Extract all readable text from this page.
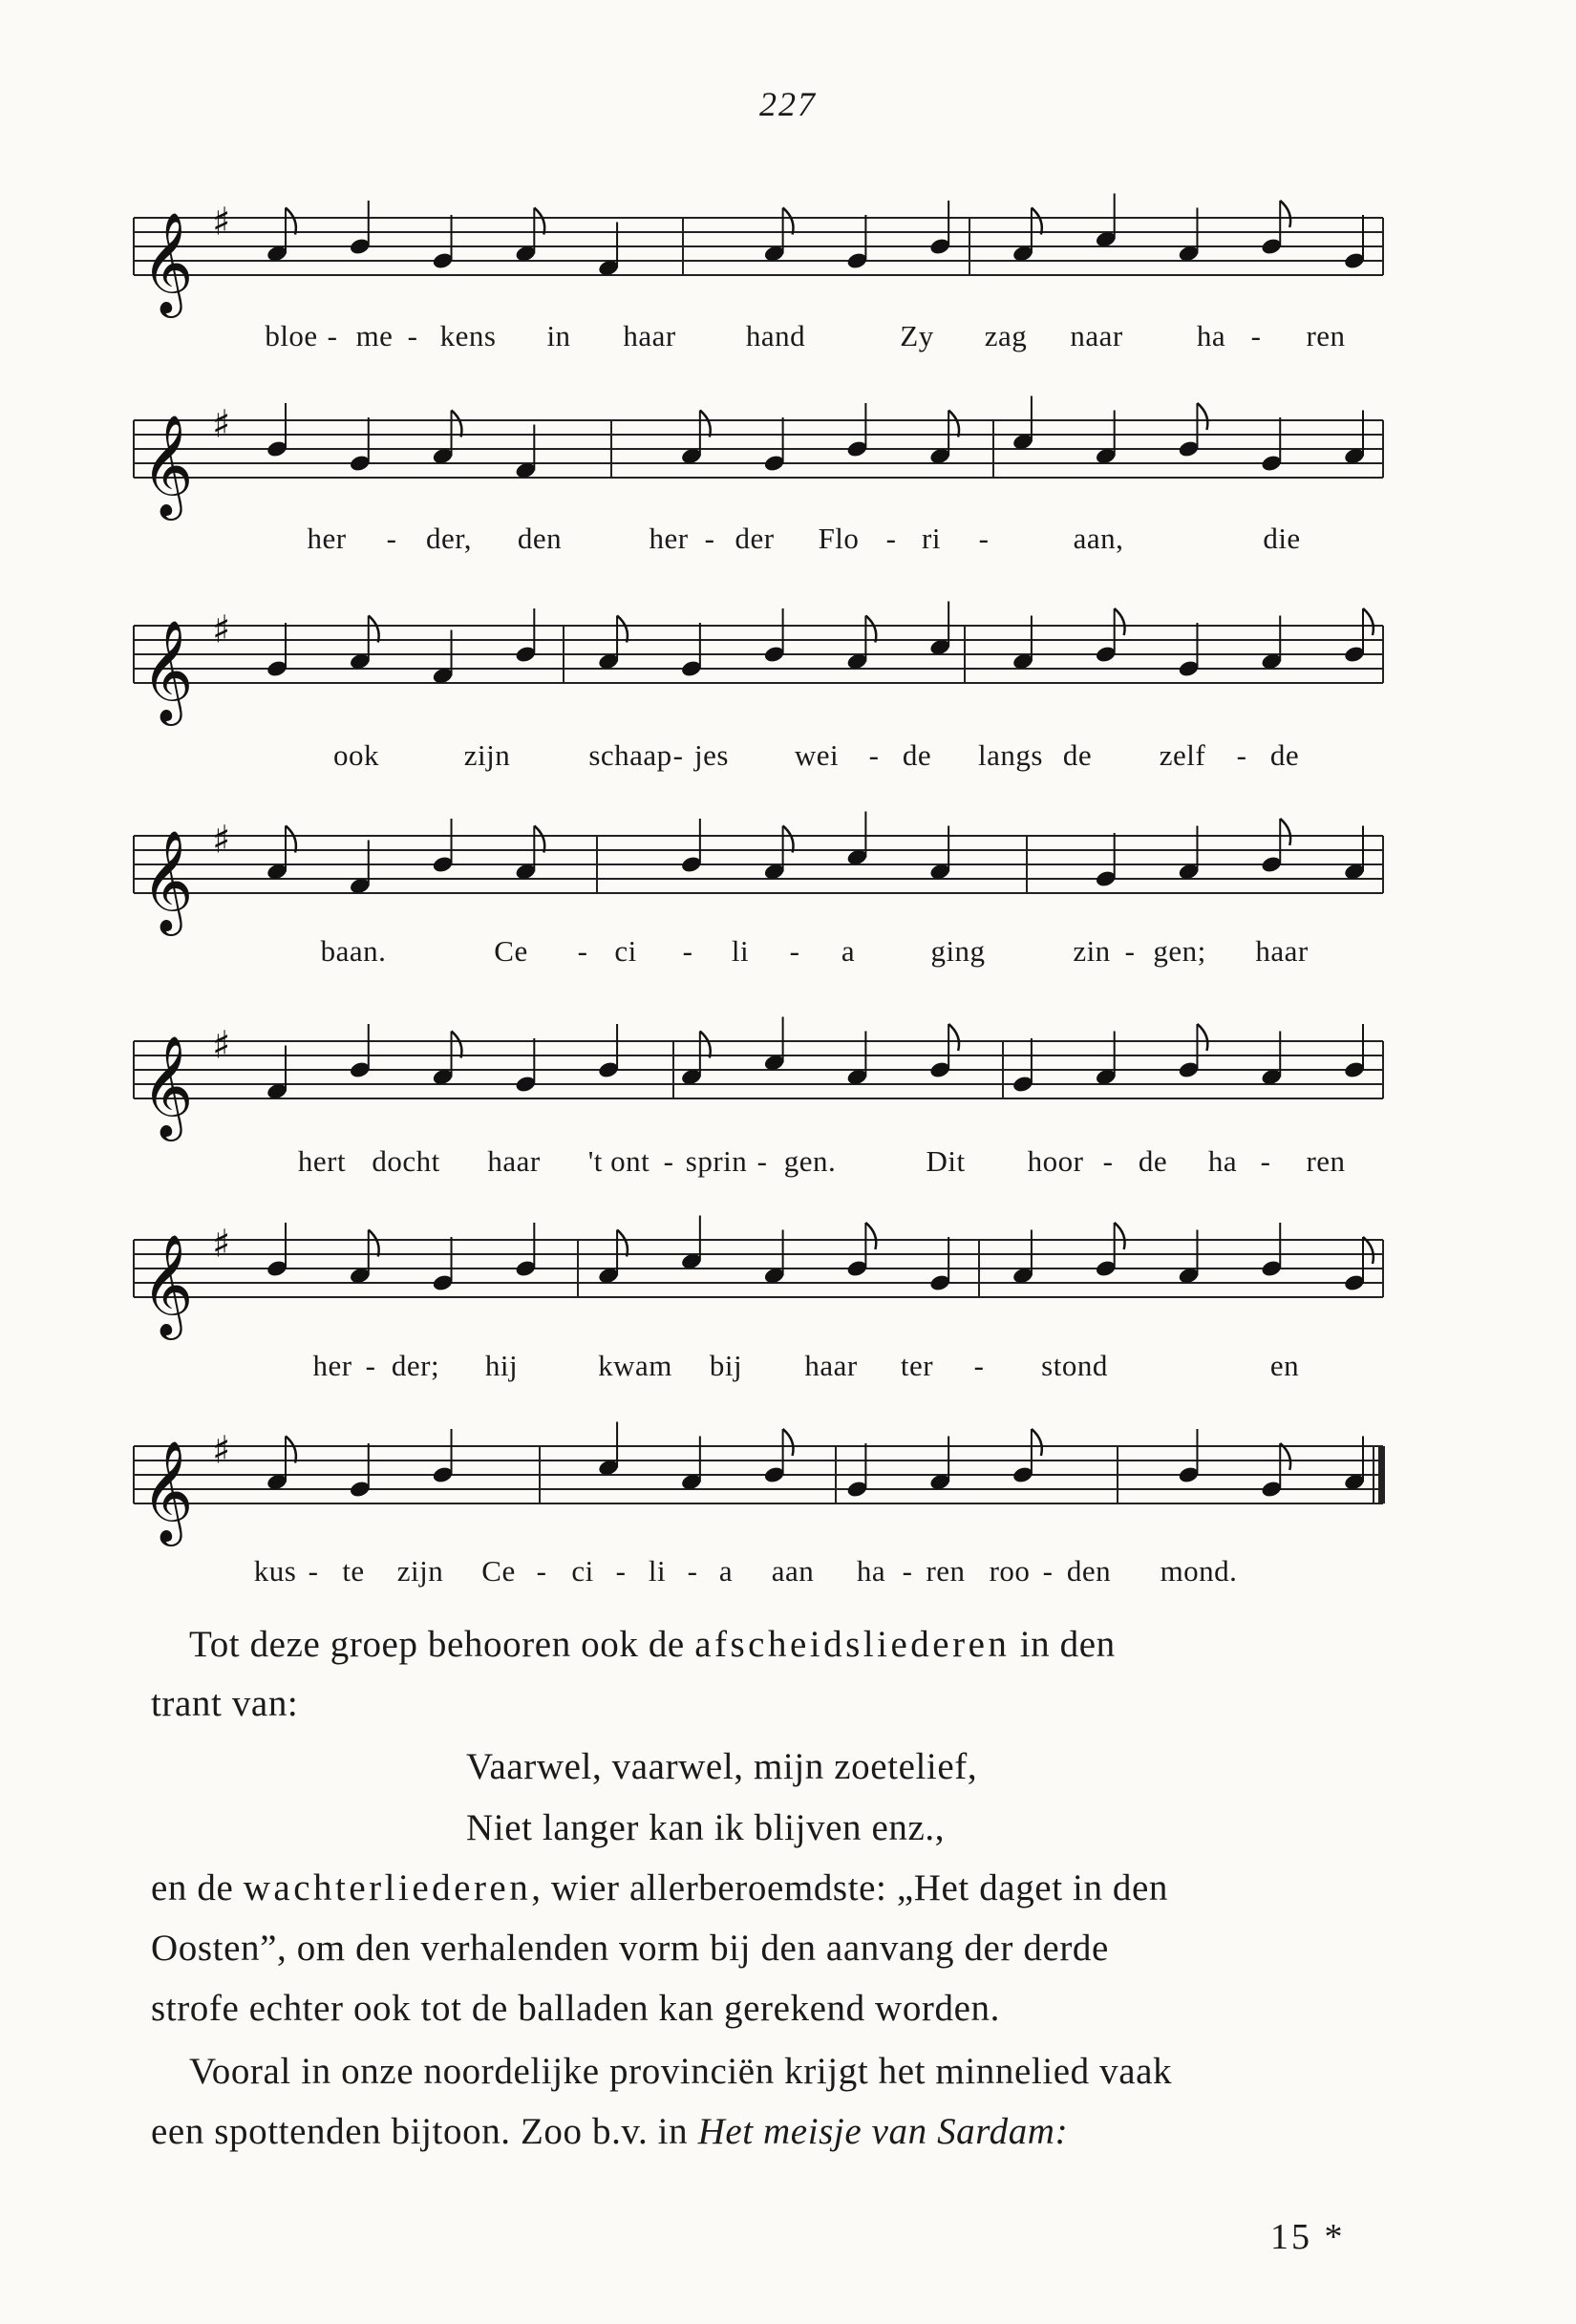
227
𝄞 ♯
bloe - me - kens in haar hand	Zy zag naar ha - ren
𝄞 ♯
her - der, den	her - der Flo - ri -	aan,	die
𝄞 ♯
ook	zijn	schaap - jes wei - de langs de zelf - de
𝄞 ♯
baan.	Ce - ci - li - a	ging	zin - gen; haar
𝄞 ♯
hert docht haar 't ont - sprin - gen.	Dit hoor - de ha - ren
𝄞 ♯
her - der; hij	kwam bij haar ter - stond	en
𝄞 ♯
kus - te zijn Ce - ci - li - a aan ha - ren roo - den mond.
Tot deze groep behooren ook de afscheidsliederen in den
trant van:
Vaarwel, vaarwel, mijn zoetelief,
Niet langer kan ik blijven enz.,
en de wachterliederen, wier allerberoemdste: „Het daget in den
Oosten”, om den verhalenden vorm bij den aanvang der derde
strofe echter ook tot de balladen kan gerekend worden.
Vooral in onze noordelijke provinciën krijgt het minnelied vaak
een spottenden bijtoon. Zoo b.v. in Het meisje van Sardam:
15 *
